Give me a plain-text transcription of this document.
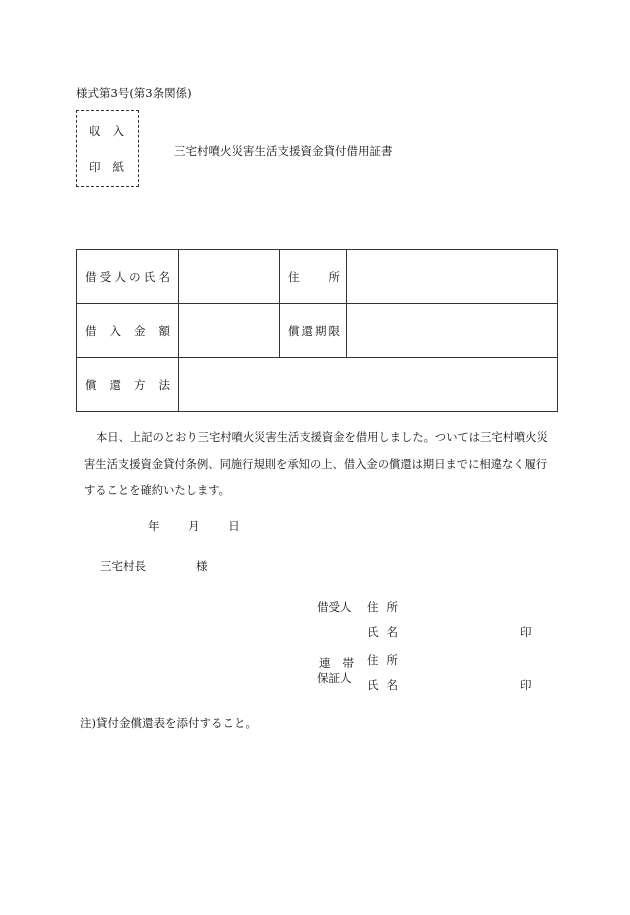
様式第3号(第3条関係)
収入
印紙
三宅村噴火災害生活支援資金貸付借用証書
借受人の氏名		住　所	
借入金額		償還期限	
償還方法			
本日、上記のとおり三宅村噴火災害生活支援資金を借用しました。ついては三宅村噴火災害生活支援資金貸付条例、同施行規則を承知の上、借入金の償還は期日までに相違なく履行することを確約いたします。
年 月 日
三宅村長	様
借受人 住所
氏名	印
連帯
保証人
住所
氏名	印
注)貸付金償還表を添付すること。
